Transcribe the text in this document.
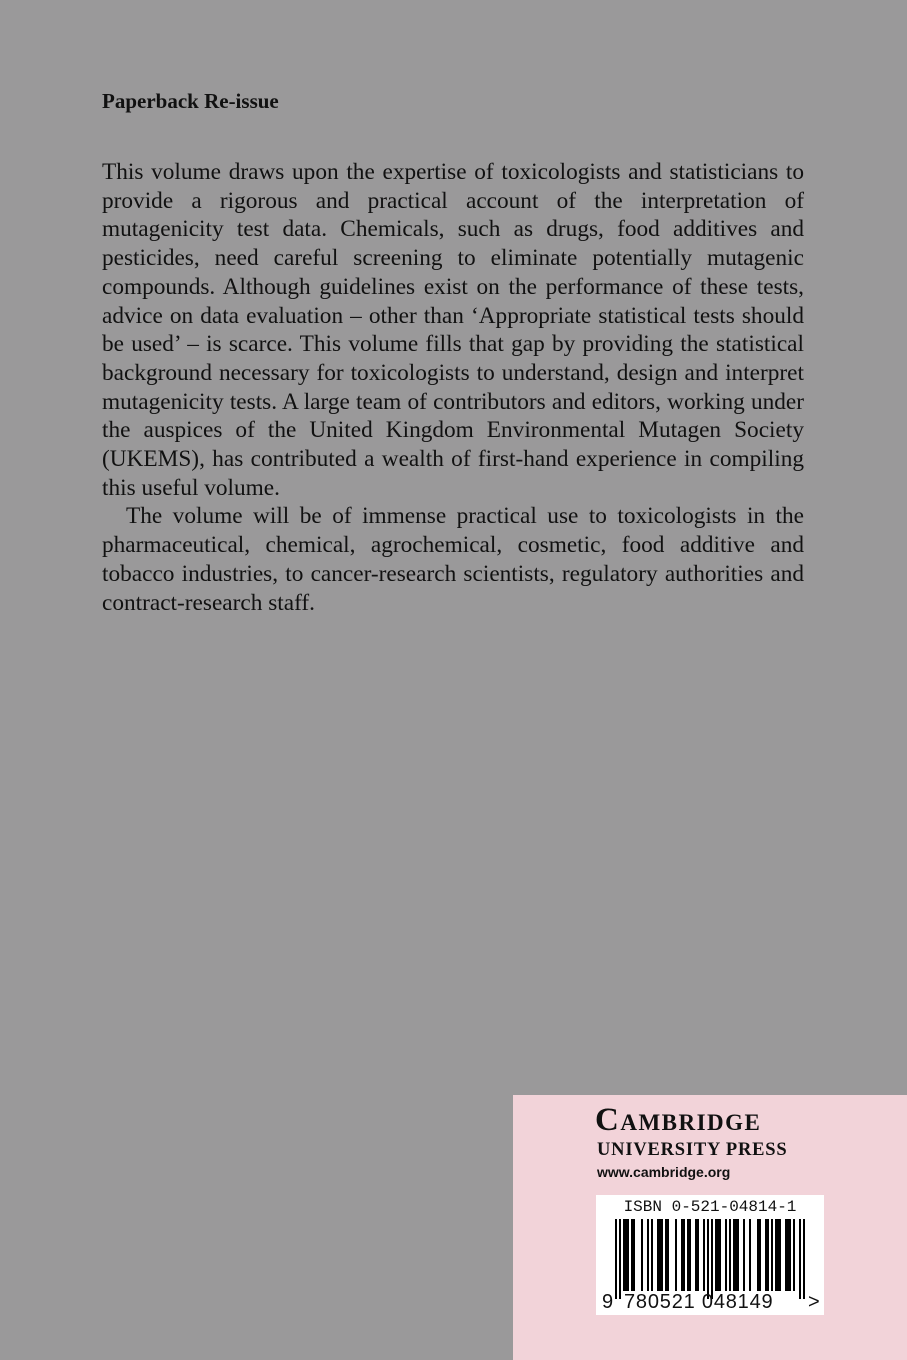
Paperback Re-issue

This volume draws upon the expertise of toxicologists and statisticians to provide a rigorous and practical account of the interpretation of mutagenicity test data. Chemicals, such as drugs, food additives and pesticides, need careful screening to eliminate potentially mutagenic compounds. Although guidelines exist on the performance of these tests, advice on data evaluation – other than ‘Appropriate statistical tests should be used’ – is scarce. This volume fills that gap by providing the statistical background necessary for toxicologists to understand, design and interpret mutagenicity tests. A large team of contributors and editors, working under the auspices of the United Kingdom Environmental Mutagen Society (UKEMS), has contributed a wealth of first-hand experience in compiling this useful volume.

The volume will be of immense practical use to toxicologists in the pharmaceutical, chemical, agrochemical, cosmetic, food additive and tobacco industries, to cancer-research scientists, regulatory authorities and contract-research staff.

Cambridge
UNIVERSITY PRESS
www.cambridge.org
ISBN 0-521-04814-1
9 780521 048149 >
